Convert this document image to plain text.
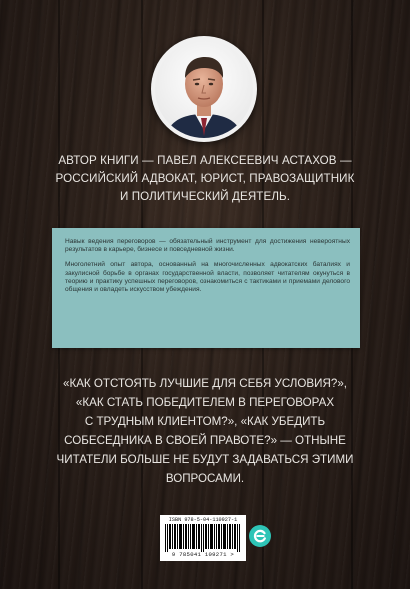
АВТОР КНИГИ — ПАВЕЛ АЛЕКСЕЕВИЧ АСТАХОВ —
РОССИЙСКИЙ АДВОКАТ, ЮРИСТ, ПРАВОЗАЩИТНИК
И ПОЛИТИЧЕСКИЙ ДЕЯТЕЛЬ.

Навык ведения переговоров — обязательный инструмент для достижения невероятных результатов в карьере, бизнесе и повседневной жизни.

Многолетний опыт автора, основанный на многочисленных адвокатских баталиях и закулисной борьбе в органах государственной власти, позволяет читателям окунуться в теорию и практику успешных переговоров, ознакомиться с тактиками и приемами делового общения и овладеть искусством убеждения.

«КАК ОТСТОЯТЬ ЛУЧШИЕ ДЛЯ СЕБЯ УСЛОВИЯ?»,
«КАК СТАТЬ ПОБЕДИТЕЛЕМ В ПЕРЕГОВОРАХ
С ТРУДНЫМ КЛИЕНТОМ?», «КАК УБЕДИТЬ
СОБЕСЕДНИКА В СВОЕЙ ПРАВОТЕ?» — ОТНЫНЕ
ЧИТАТЕЛИ БОЛЬШЕ НЕ БУДУТ ЗАДАВАТЬСЯ ЭТИМИ
ВОПРОСАМИ.
ISBN 978-5-04-110927-1
9 785041 109271 >
